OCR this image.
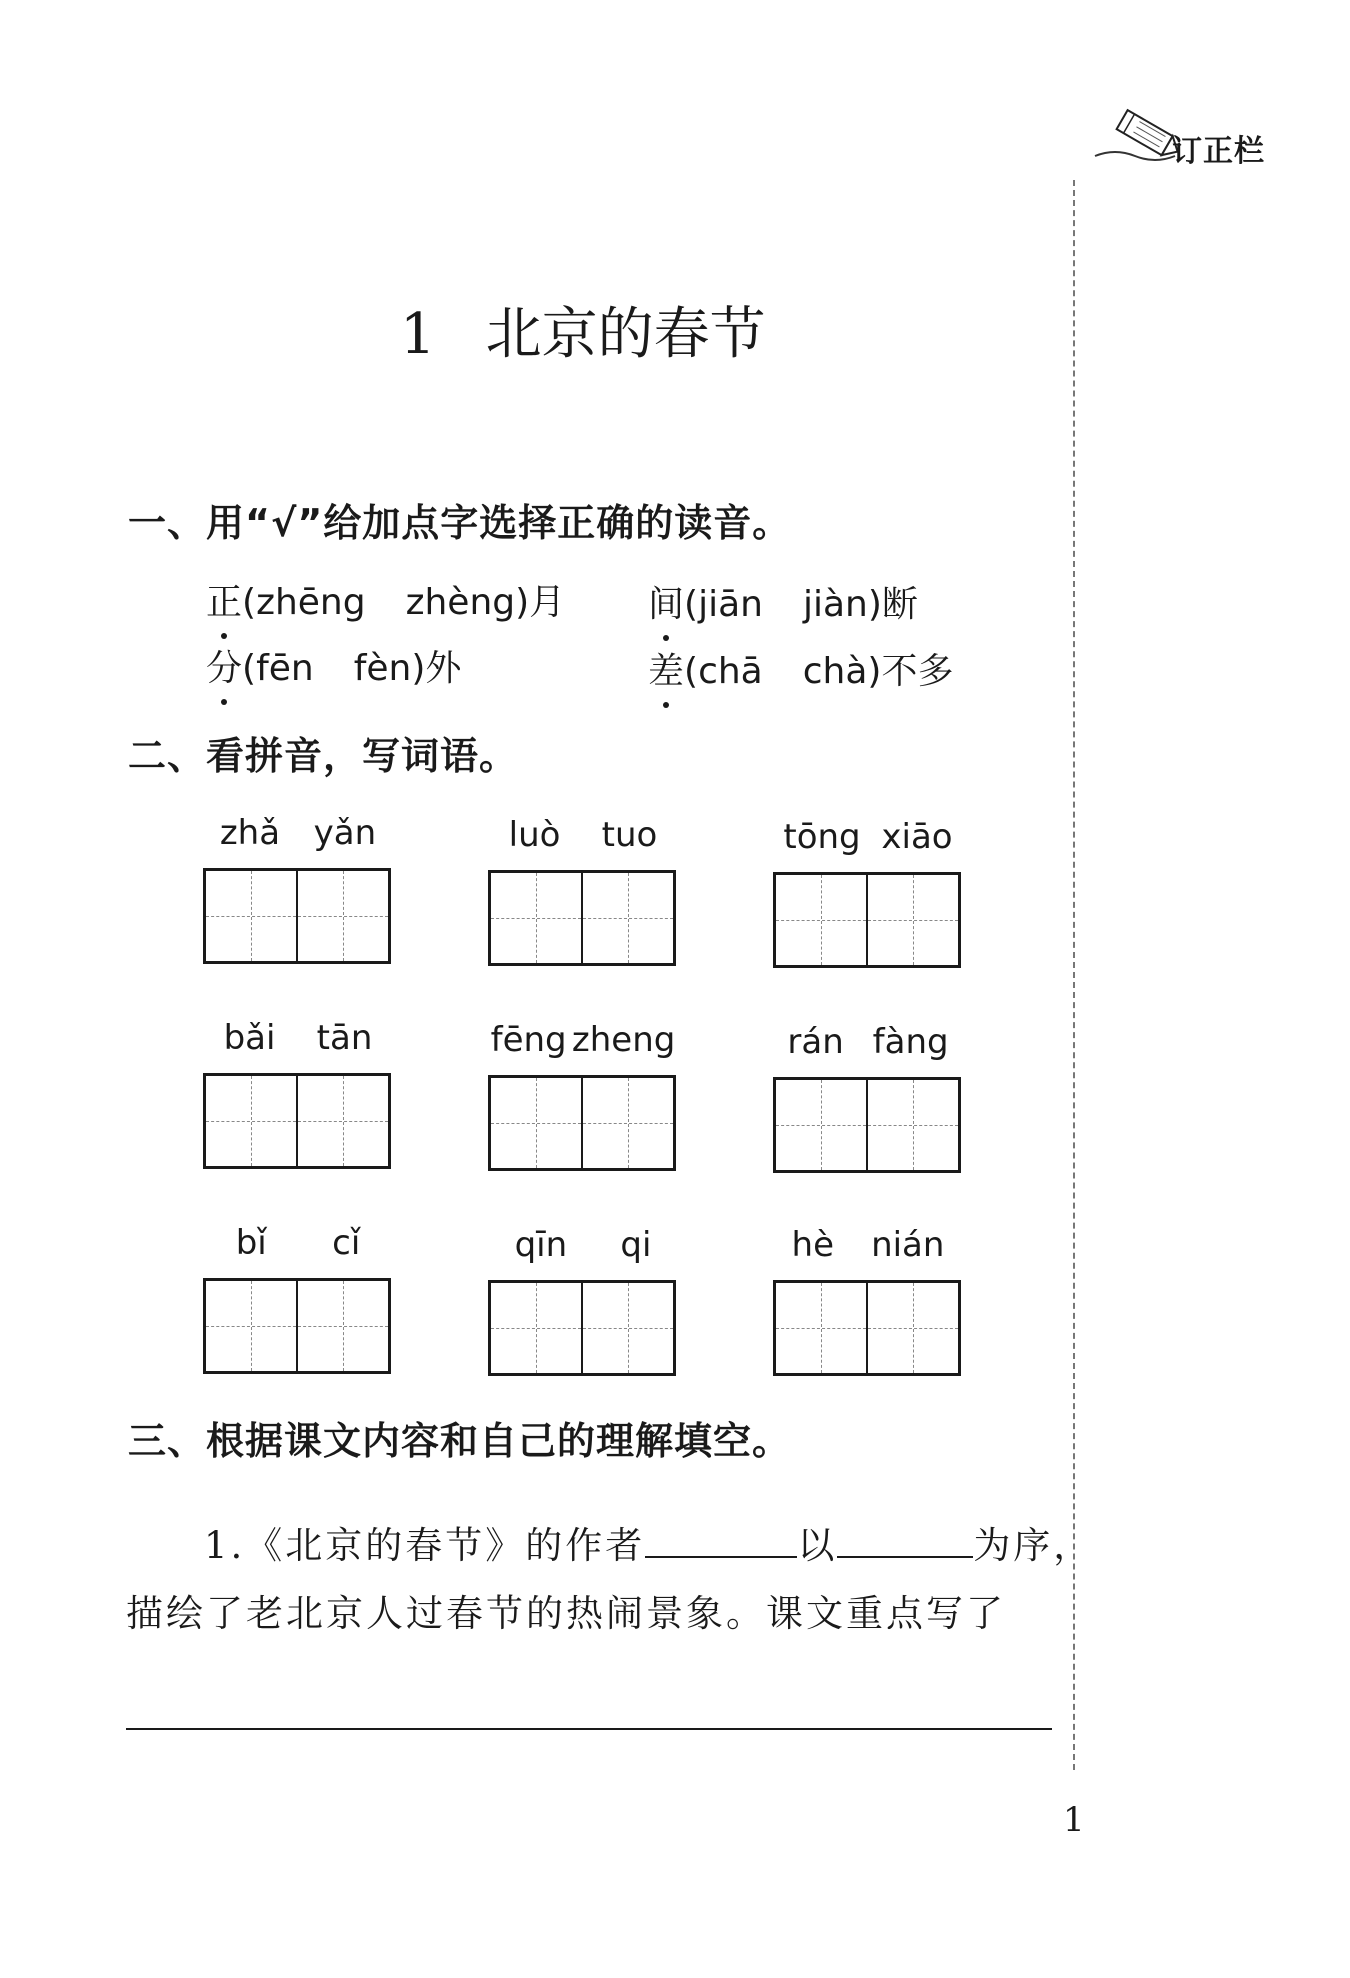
订正栏
1 北京的春节
一、用“√”给加点字选择正确的读音。
正(zhēng zhèng)月 间(jiān jiàn)断
分(fēn fèn)外	差(chā chà)不多
二、看拼音，写词语。
zhǎ yǎn	luò tuo	tōng xiāo
bǎi tān	fēng zheng	rán fàng
bǐ cǐ	qīn qi	hè nián
三、根据课文内容和自己的理解填空。
1.《北京的春节》的作者	以	为序，
描绘了老北京人过春节的热闹景象。课文重点写了
1
